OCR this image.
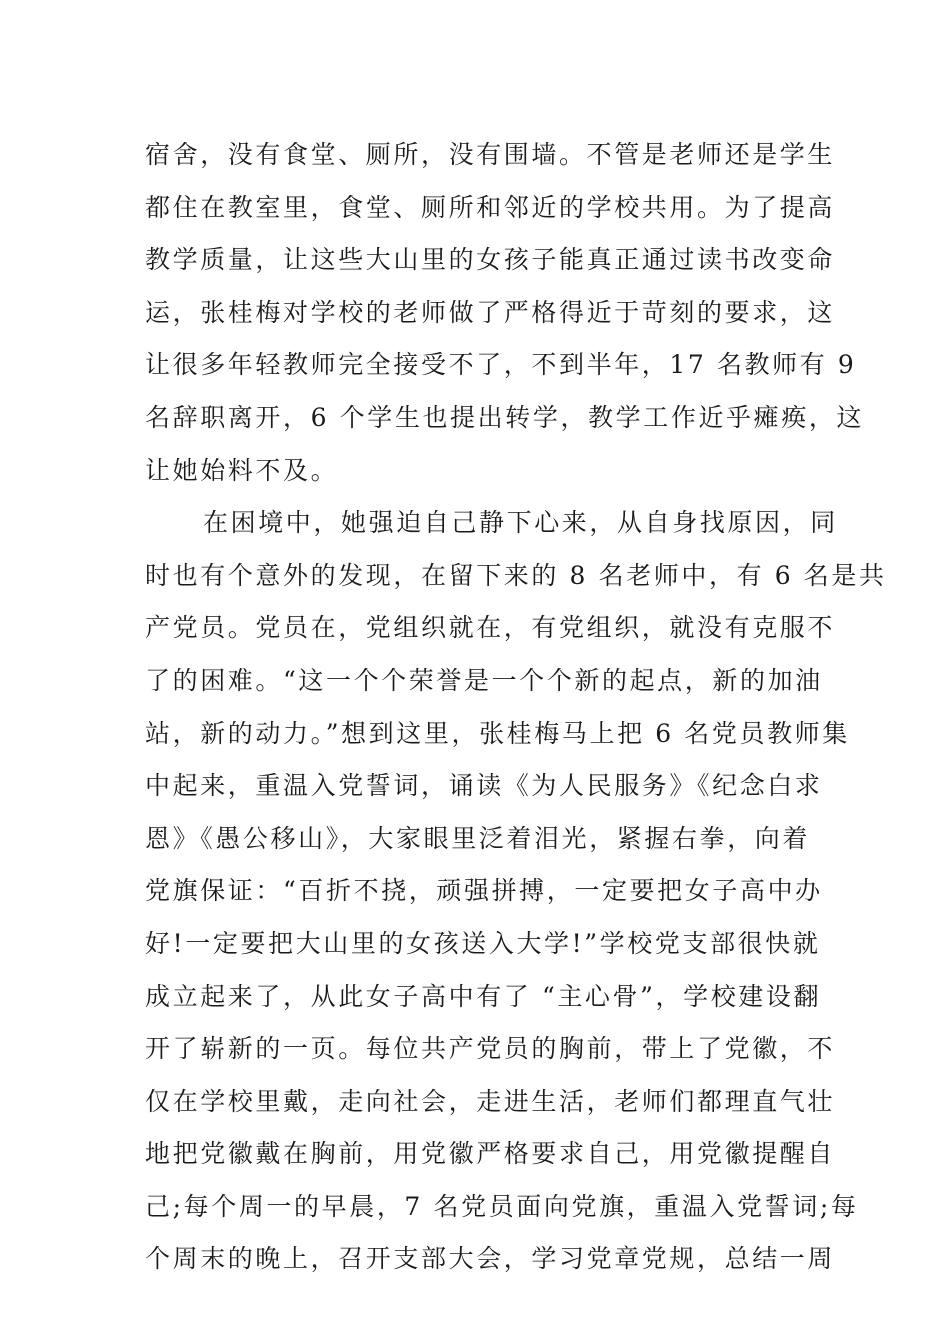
宿舍，没有食堂、厕所，没有围墙。不管是老师还是学生
都住在教室里，食堂、厕所和邻近的学校共用。为了提高
教学质量，让这些大山里的女孩子能真正通过读书改变命
运，张桂梅对学校的老师做了严格得近于苛刻的要求，这
让很多年轻教师完全接受不了，不到半年，17 名教师有 9
名辞职离开，6 个学生也提出转学，教学工作近乎瘫痪，这
让她始料不及。
在困境中，她强迫自己静下心来，从自身找原因，同
时也有个意外的发现，在留下来的 8 名老师中，有 6 名是共
产党员。党员在，党组织就在，有党组织，就没有克服不
了的困难。“这一个个荣誉是一个个新的起点，新的加油
站，新的动力。”想到这里，张桂梅马上把 6 名党员教师集
中起来，重温入党誓词，诵读《为人民服务》《纪念白求
恩》《愚公移山》，大家眼里泛着泪光，紧握右拳，向着
党旗保证：“百折不挠，顽强拼搏，一定要把女子高中办
好!一定要把大山里的女孩送入大学!”学校党支部很快就
成立起来了，从此女子高中有了 “主心骨”，学校建设翻
开了崭新的一页。每位共产党员的胸前，带上了党徽，不
仅在学校里戴，走向社会，走进生活，老师们都理直气壮
地把党徽戴在胸前，用党徽严格要求自己，用党徽提醒自
己;每个周一的早晨，7 名党员面向党旗，重温入党誓词;每
个周末的晚上，召开支部大会，学习党章党规，总结一周
